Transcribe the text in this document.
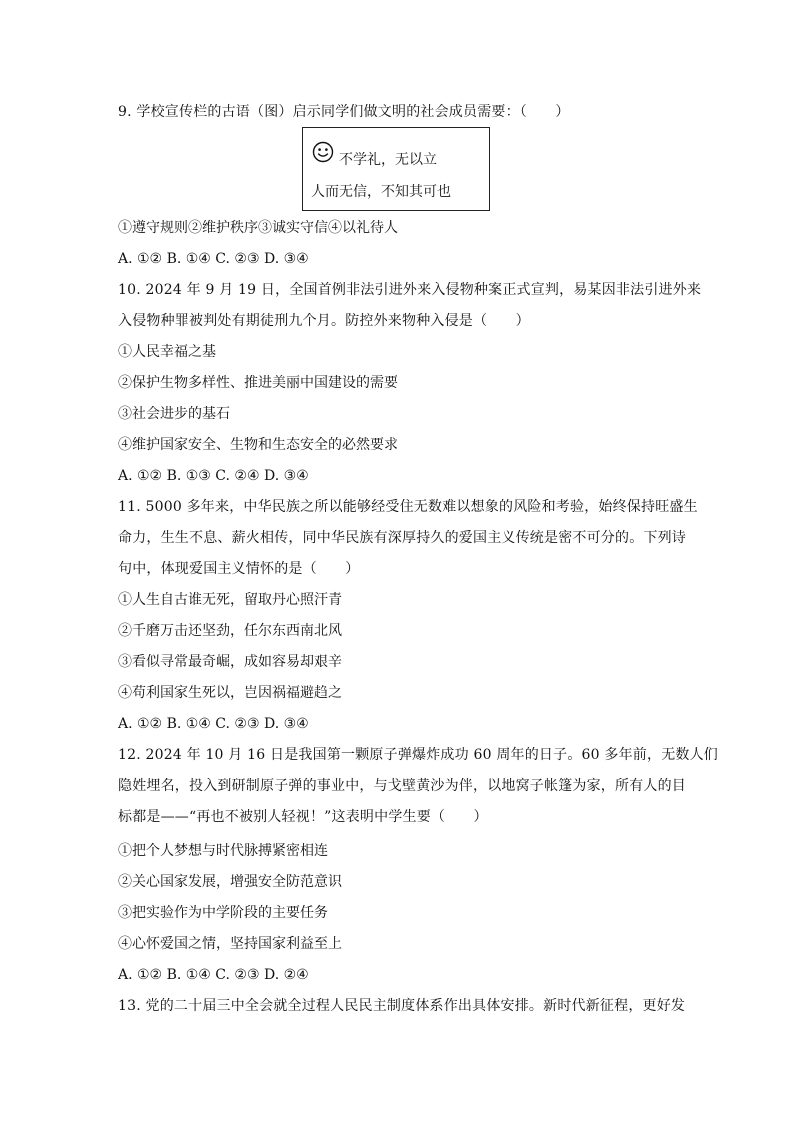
9. 学校宣传栏的古语（图）启示同学们做文明的社会成员需要：（　　）
不学礼，无以立
人而无信，不知其可也
①遵守规则②维护秩序③诚实守信④以礼待人
A. ①② B. ①④ C. ②③ D. ③④
10. 2024 年 9 月 19 日，全国首例非法引进外来入侵物种案正式宣判，易某因非法引进外来
入侵物种罪被判处有期徒刑九个月。防控外来物种入侵是（　　）
①人民幸福之基
②保护生物多样性、推进美丽中国建设的需要
③社会进步的基石
④维护国家安全、生物和生态安全的必然要求
A. ①② B. ①③ C. ②④ D. ③④
11. 5000 多年来，中华民族之所以能够经受住无数难以想象的风险和考验，始终保持旺盛生
命力，生生不息、薪火相传，同中华民族有深厚持久的爱国主义传统是密不可分的。下列诗
句中，体现爱国主义情怀的是（　　）
①人生自古谁无死，留取丹心照汗青
②千磨万击还坚劲，任尔东西南北风
③看似寻常最奇崛，成如容易却艰辛
④苟利国家生死以，岂因祸福避趋之
A. ①② B. ①④ C. ②③ D. ③④
12. 2024 年 10 月 16 日是我国第一颗原子弹爆炸成功 60 周年的日子。60 多年前，无数人们
隐姓埋名，投入到研制原子弹的事业中，与戈壁黄沙为伴，以地窝子帐篷为家，所有人的目
标都是——“再也不被别人轻视！”这表明中学生要（　　）
①把个人梦想与时代脉搏紧密相连
②关心国家发展，增强安全防范意识
③把实验作为中学阶段的主要任务
④心怀爱国之情，坚持国家利益至上
A. ①② B. ①④ C. ②③ D. ②④
13. 党的二十届三中全会就全过程人民民主制度体系作出具体安排。新时代新征程，更好发
